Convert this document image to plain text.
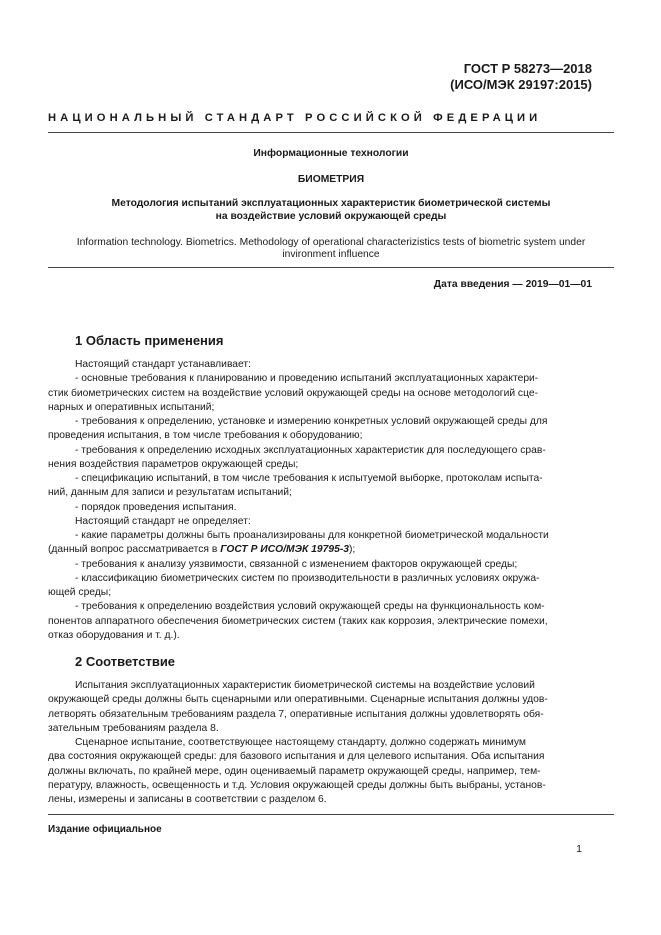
ГОСТ Р 58273—2018
(ИСО/МЭК 29197:2015)
НАЦИОНАЛЬНЫЙ СТАНДАРТ РОССИЙСКОЙ ФЕДЕРАЦИИ
Информационные технологии
БИОМЕТРИЯ
Методология испытаний эксплуатационных характеристик биометрической системы
на воздействие условий окружающей среды
Information technology. Biometrics. Methodology of operational characterizistics tests of biometric system under
invironment influence
Дата введения — 2019—01—01
1 Область применения

Настоящий стандарт устанавливает:

- основные требования к планированию и проведению испытаний эксплуатационных характери-

стик биометрических систем на воздействие условий окружающей среды на основе методологий сце-

нарных и оперативных испытаний;

- требования к определению, установке и измерению конкретных условий окружающей среды для

проведения испытания, в том числе требования к оборудованию;

- требования к определению исходных эксплуатационных характеристик для последующего срав-

нения воздействия параметров окружающей среды;

- спецификацию испытаний, в том числе требования к испытуемой выборке, протоколам испыта-

ний, данным для записи и результатам испытаний;

- порядок проведения испытания.

Настоящий стандарт не определяет:

- какие параметры должны быть проанализированы для конкретной биометрической модальности

(данный вопрос рассматривается в ГОСТ Р ИСО/МЭК 19795-3);

- требования к анализу уязвимости, связанной с изменением факторов окружающей среды;

- классификацию биометрических систем по производительности в различных условиях окружа-

ющей среды;

- требования к определению воздействия условий окружающей среды на функциональность ком-

понентов аппаратного обеспечения биометрических систем (таких как коррозия, электрические помехи,

отказ оборудования и т. д.).

2 Соответствие

Испытания эксплуатационных характеристик биометрической системы на воздействие условий

окружающей среды должны быть сценарными или оперативными. Сценарные испытания должны удов-

летворять обязательным требованиям раздела 7, оперативные испытания должны удовлетворять обя-

зательным требованиям раздела 8.

Сценарное испытание, соответствующее настоящему стандарту, должно содержать минимум

два состояния окружающей среды: для базового испытания и для целевого испытания. Оба испытания

должны включать, по крайней мере, один оцениваемый параметр окружающей среды, например, тем-

пературу, влажность, освещенность и т.д. Условия окружающей среды должны быть выбраны, установ-

лены, измерены и записаны в соответствии с разделом 6.

Издание официальное
1
